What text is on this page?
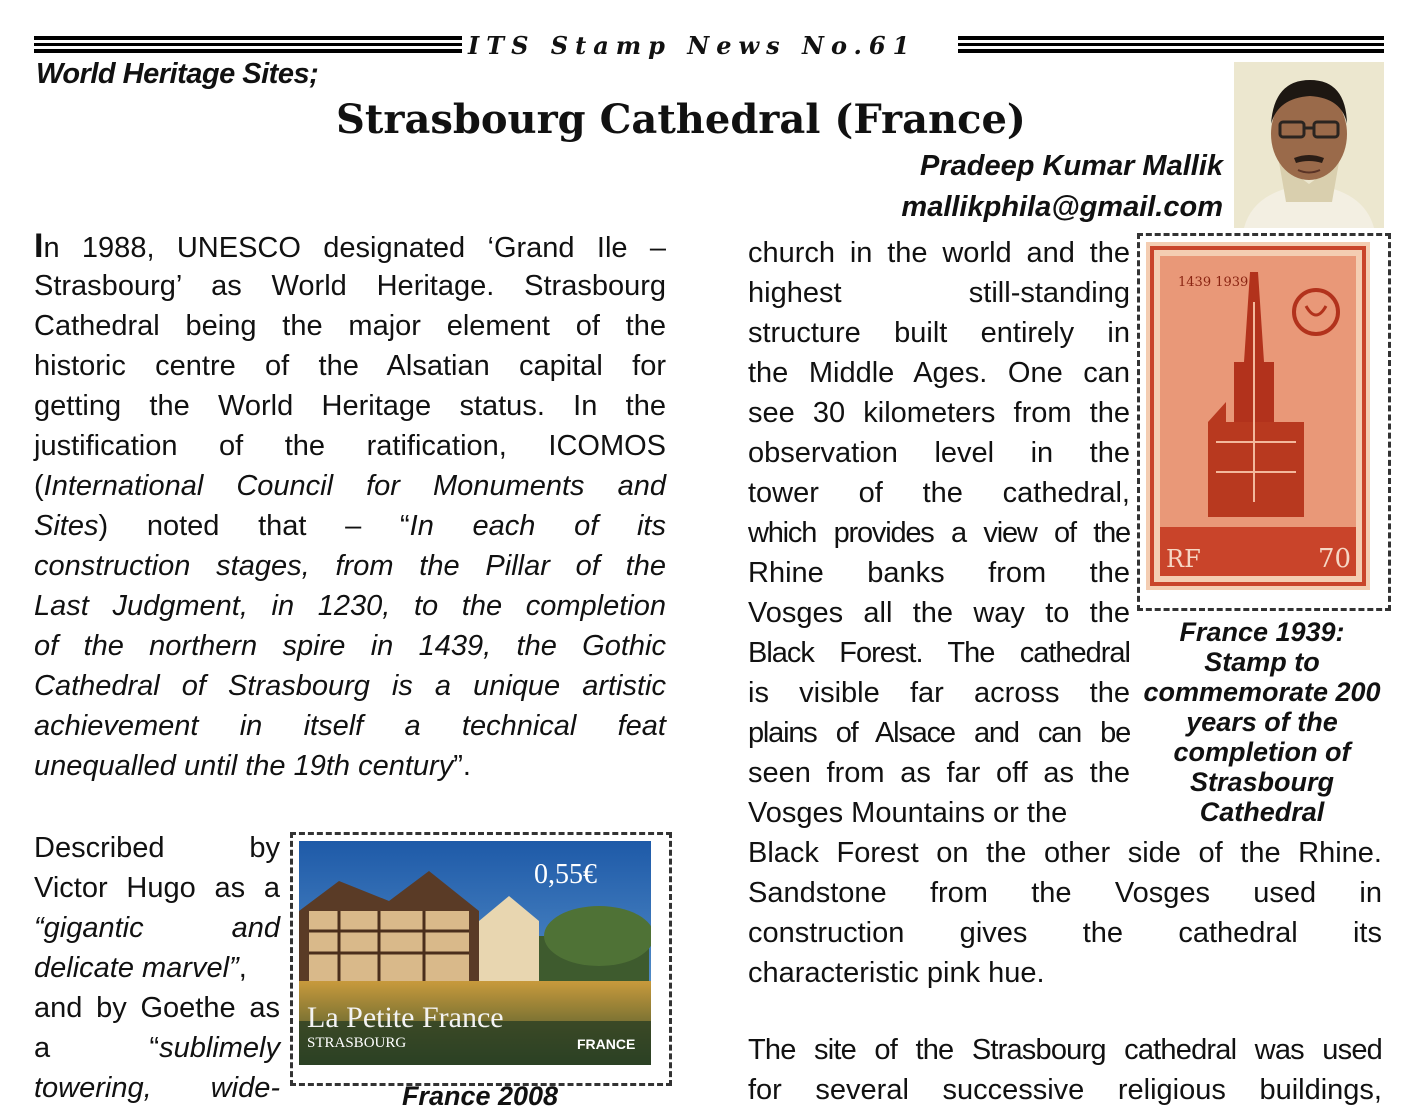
ITS Stamp News No.61
World Heritage Sites;
Strasbourg Cathedral (France)
Pradeep Kumar Mallik
mallikphila@gmail.com
In 1988, UNESCO designated ‘Grand Ile –
Strasbourg’ as World Heritage. Strasbourg
Cathedral being the major element of the
historic centre of the Alsatian capital for
getting the World Heritage status. In the
justification of the ratification, ICOMOS
(International Council for Monuments and
Sites) noted that – “In each of its
construction stages, from the Pillar of the
Last Judgment, in 1230, to the completion
of the northern spire in 1439, the Gothic
Cathedral of Strasbourg is a unique artistic
achievement in itself a technical feat
unequalled until the 19th century”.
Described by
Victor Hugo as a
“gigantic and
delicate marvel”,
and by Goethe as
a “sublimely
towering, wide-
0,55€
La Petite France
STRASBOURG	FRANCE
France 2008
church in the world and the
highest still-standing
structure built entirely in
the Middle Ages. One can
see 30 kilometers from the
observation level in the
tower of the cathedral,
which provides a view of the
Rhine banks from the
Vosges all the way to the
Black Forest. The cathedral
is visible far across the
plains of Alsace and can be
seen from as far off as the
Vosges Mountains or the
1439 1939
RF	70
France 1939: Stamp to commemorate 200 years of the completion of Strasbourg Cathedral
Black Forest on the other side of the Rhine.
Sandstone from the Vosges used in
construction gives the cathedral its
characteristic pink hue.
The site of the Strasbourg cathedral was used
for several successive religious buildings,
